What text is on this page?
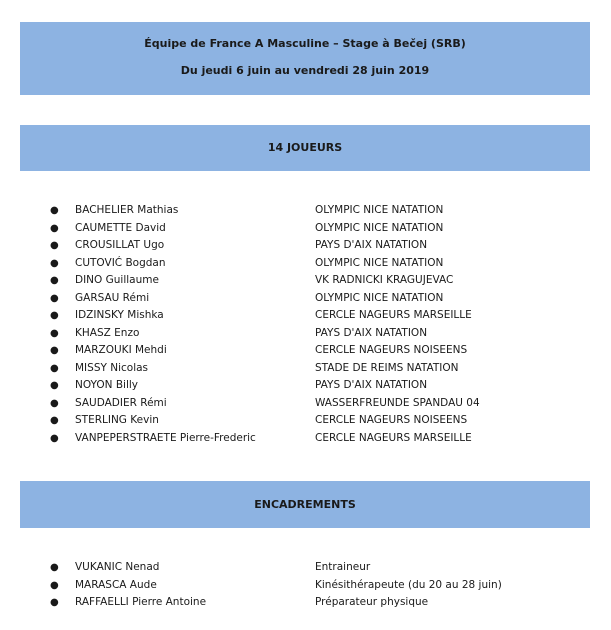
Équipe de France A Masculine – Stage à Bečej (SRB)
Du jeudi 6 juin au vendredi 28 juin 2019
14 JOUEURS
● BACHELIER Mathias	OLYMPIC NICE NATATION
● CAUMETTE David	OLYMPIC NICE NATATION
● CROUSILLAT Ugo	PAYS D'AIX NATATION
● CUTOVIĆ Bogdan	OLYMPIC NICE NATATION
● DINO Guillaume	VK RADNICKI KRAGUJEVAC
● GARSAU Rémi	OLYMPIC NICE NATATION
● IDZINSKY Mishka	CERCLE NAGEURS MARSEILLE
● KHASZ Enzo	PAYS D'AIX NATATION
● MARZOUKI Mehdi	CERCLE NAGEURS NOISEENS
● MISSY Nicolas	STADE DE REIMS NATATION
● NOYON Billy	PAYS D'AIX NATATION
● SAUDADIER Rémi	WASSERFREUNDE SPANDAU 04
● STERLING Kevin	CERCLE NAGEURS NOISEENS
● VANPEPERSTRAETE Pierre-Frederic	CERCLE NAGEURS MARSEILLE
ENCADREMENTS
● VUKANIC Nenad	Entraineur
● MARASCA Aude	Kinésithérapeute (du 20 au 28 juin)
● RAFFAELLI Pierre Antoine	Préparateur physique
